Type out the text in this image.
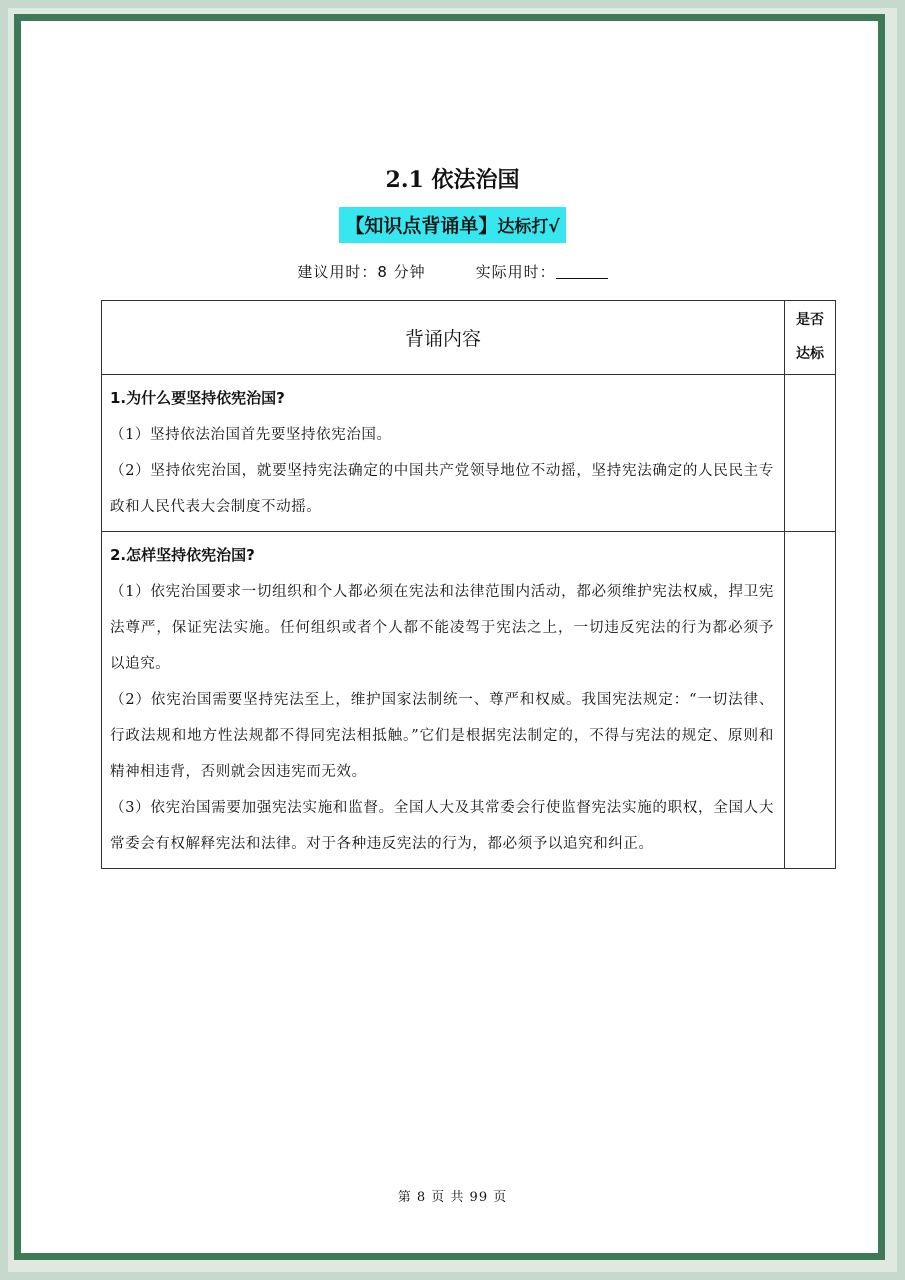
2.1 依法治国
【知识点背诵单】达标打√
建议用时：8 分钟	实际用时：
背诵内容	是否
达标

1.为什么要坚持依宪治国?
（1）坚持依法治国首先要坚持依宪治国。
（2）坚持依宪治国，就要坚持宪法确定的中国共产党领导地位不动摇，坚持宪法确定的人民民主专政和人民代表大会制度不动摇。	

2.怎样坚持依宪治国?
（1）依宪治国要求一切组织和个人都必须在宪法和法律范围内活动，都必须维护宪法权威，捍卫宪法尊严，保证宪法实施。任何组织或者个人都不能凌驾于宪法之上，一切违反宪法的行为都必须予以追究。
（2）依宪治国需要坚持宪法至上，维护国家法制统一、尊严和权威。我国宪法规定：“一切法律、行政法规和地方性法规都不得同宪法相抵触。”它们是根据宪法制定的，不得与宪法的规定、原则和精神相违背，否则就会因违宪而无效。
（3）依宪治国需要加强宪法实施和监督。全国人大及其常委会行使监督宪法实施的职权，全国人大常委会有权解释宪法和法律。对于各种违反宪法的行为，都必须予以追究和纠正。	

第 8 页 共 99 页
